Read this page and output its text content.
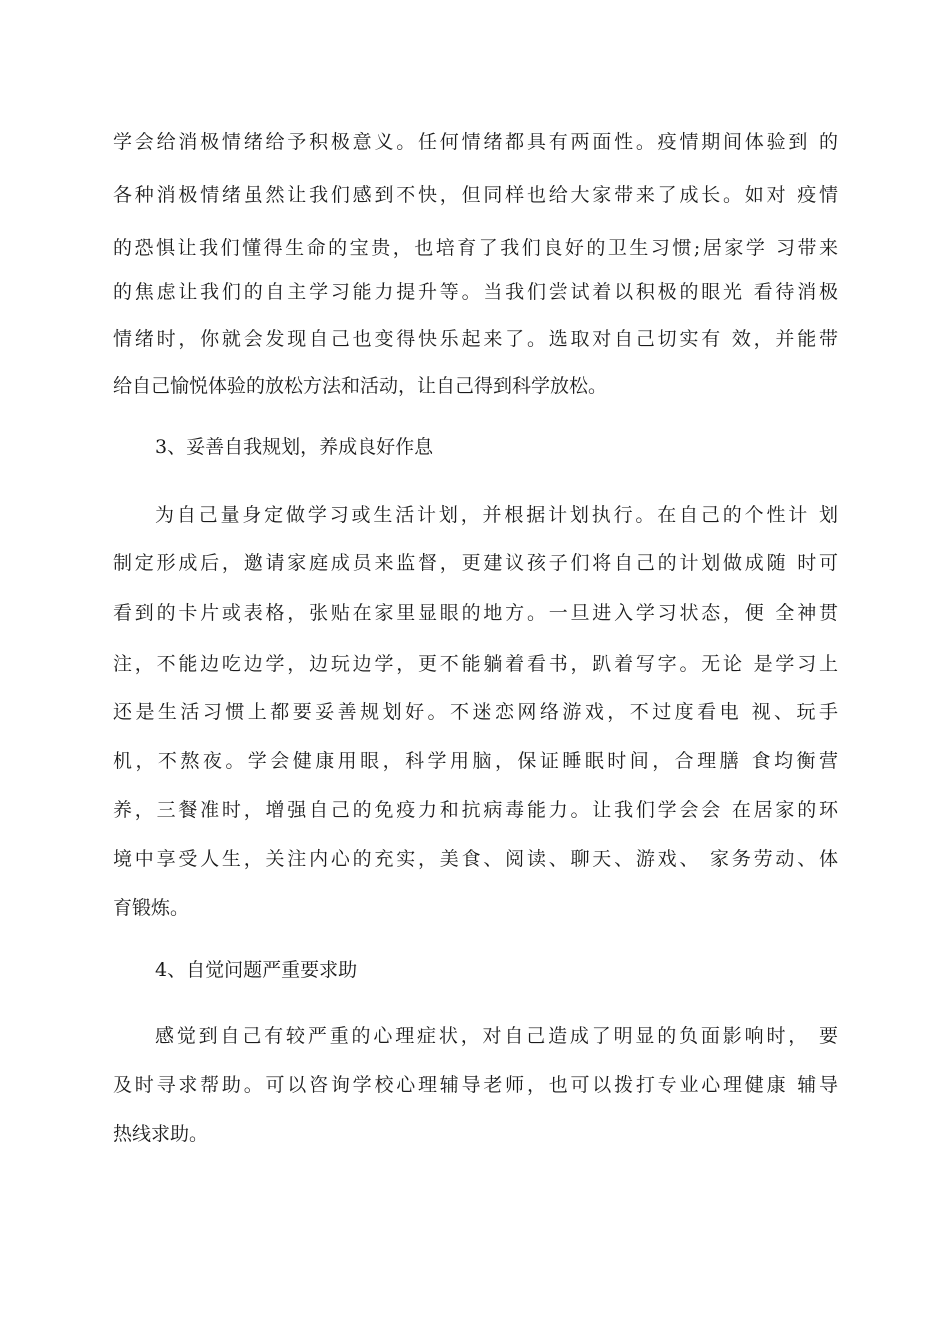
学会给消极情绪给予积极意义。任何情绪都具有两面性。疫情期间体验到 的
各种消极情绪虽然让我们感到不快，但同样也给大家带来了成长。如对 疫情
的恐惧让我们懂得生命的宝贵，也培育了我们良好的卫生习惯;居家学 习带来
的焦虑让我们的自主学习能力提升等。当我们尝试着以积极的眼光 看待消极
情绪时，你就会发现自己也变得快乐起来了。选取对自己切实有 效，并能带
给自己愉悦体验的放松方法和活动，让自己得到科学放松。
3、妥善自我规划，养成良好作息
为自己量身定做学习或生活计划，并根据计划执行。在自己的个性计 划
制定形成后，邀请家庭成员来监督，更建议孩子们将自己的计划做成随 时可
看到的卡片或表格，张贴在家里显眼的地方。一旦进入学习状态，便 全神贯
注，不能边吃边学，边玩边学，更不能躺着看书，趴着写字。无论 是学习上
还是生活习惯上都要妥善规划好。不迷恋网络游戏，不过度看电 视、玩手
机，不熬夜。学会健康用眼，科学用脑，保证睡眠时间，合理膳 食均衡营
养，三餐准时，增强自己的免疫力和抗病毒能力。让我们学会会 在居家的环
境中享受人生，关注内心的充实，美食、阅读、聊天、游戏、 家务劳动、体
育锻炼。
4、自觉问题严重要求助
感觉到自己有较严重的心理症状，对自己造成了明显的负面影响时， 要
及时寻求帮助。可以咨询学校心理辅导老师，也可以拨打专业心理健康 辅导
热线求助。
